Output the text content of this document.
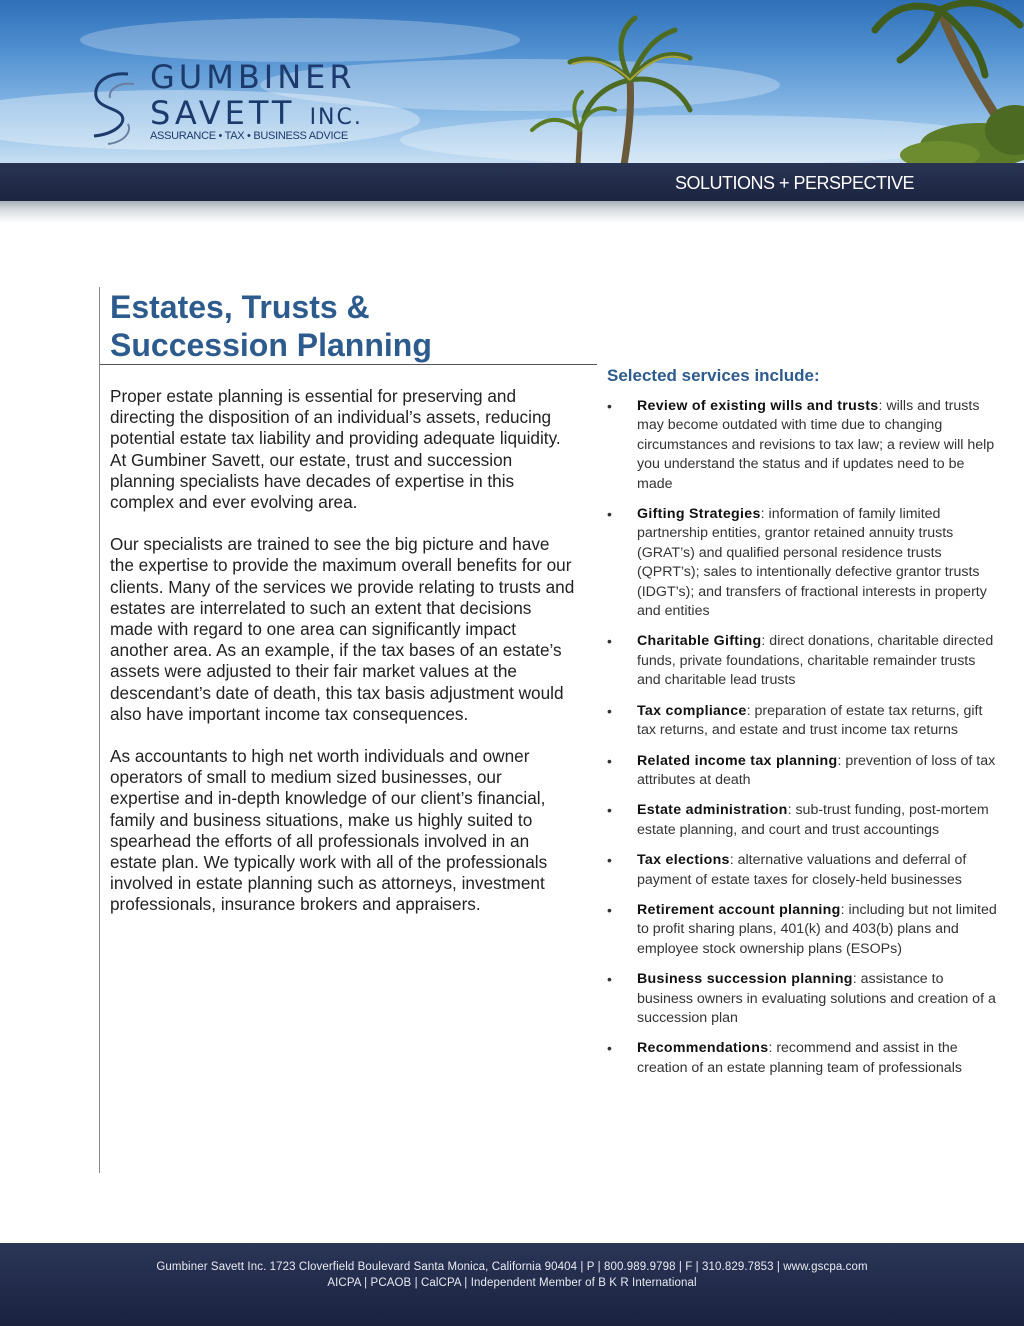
GUMBINER
SAVETT INC.
ASSURANCE • TAX • BUSINESS ADVICE
SOLUTIONS + PERSPECTIVE
Estates, Trusts &
Succession Planning

Proper estate planning is essential for preserving and directing the disposition of an individual’s assets, reducing potential estate tax liability and providing adequate liquidity. At Gumbiner Savett, our estate, trust and succession planning specialists have decades of expertise in this complex and ever evolving area.

Our specialists are trained to see the big picture and have the expertise to provide the maximum overall benefits for our clients. Many of the services we provide relating to trusts and estates are interrelated to such an extent that decisions made with regard to one area can significantly impact another area. As an example, if the tax bases of an estate’s assets were adjusted to their fair market values at the descendant’s date of death, this tax basis adjustment would also have important income tax consequences.

As accountants to high net worth individuals and owner operators of small to medium sized businesses, our expertise and in-depth knowledge of our client’s financial, family and business situations, make us highly suited to spearhead the efforts of all professionals involved in an estate plan. We typically work with all of the professionals involved in estate planning such as attorneys, investment professionals, insurance brokers and appraisers.

Selected services include:
• Review of existing wills and trusts: wills and trusts may become outdated with time due to changing circumstances and revisions to tax law; a review will help you understand the status and if updates need to be made
• Gifting Strategies: information of family limited partnership entities, grantor retained annuity trusts (GRAT’s) and qualified personal residence trusts (QPRT’s); sales to intentionally defective grantor trusts (IDGT’s); and transfers of fractional interests in property and entities
• Charitable Gifting: direct donations, charitable directed funds, private foundations, charitable remainder trusts and charitable lead trusts
• Tax compliance: preparation of estate tax returns, gift tax returns, and estate and trust income tax returns
• Related income tax planning: prevention of loss of tax attributes at death
• Estate administration: sub-trust funding, post-mortem estate planning, and court and trust accountings
• Tax elections: alternative valuations and deferral of payment of estate taxes for closely-held businesses
• Retirement account planning: including but not limited to profit sharing plans, 401(k) and 403(b) plans and employee stock ownership plans (ESOPs)
• Business succession planning: assistance to business owners in evaluating solutions and creation of a succession plan
• Recommendations: recommend and assist in the creation of an estate planning team of professionals
Gumbiner Savett Inc. 1723 Cloverfield Boulevard Santa Monica, California 90404 | P | 800.989.9798 | F | 310.829.7853 | www.gscpa.com
AICPA | PCAOB | CalCPA | Independent Member of B K R International
